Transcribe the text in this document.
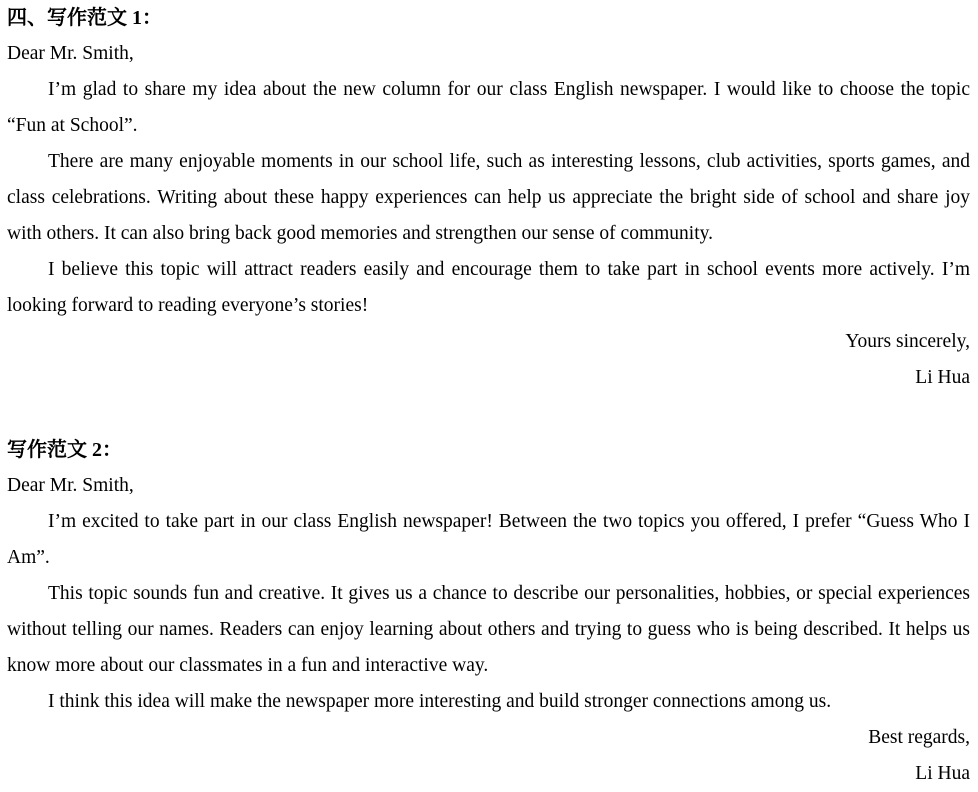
四、写作范文 1：

Dear Mr. Smith,

I’m glad to share my idea about the new column for our class English newspaper. I would like to choose the topic “Fun at School”.

There are many enjoyable moments in our school life, such as interesting lessons, club activities, sports games, and class celebrations. Writing about these happy experiences can help us appreciate the bright side of school and share joy with others. It can also bring back good memories and strengthen our sense of community.

I believe this topic will attract readers easily and encourage them to take part in school events more actively. I’m looking forward to reading everyone’s stories!

Yours sincerely,

Li Hua

写作范文 2：

Dear Mr. Smith,

I’m excited to take part in our class English newspaper! Between the two topics you offered, I prefer “Guess Who I Am”.

This topic sounds fun and creative. It gives us a chance to describe our personalities, hobbies, or special experiences without telling our names. Readers can enjoy learning about others and trying to guess who is being described. It helps us know more about our classmates in a fun and interactive way.

I think this idea will make the newspaper more interesting and build stronger connections among us.

Best regards,

Li Hua
